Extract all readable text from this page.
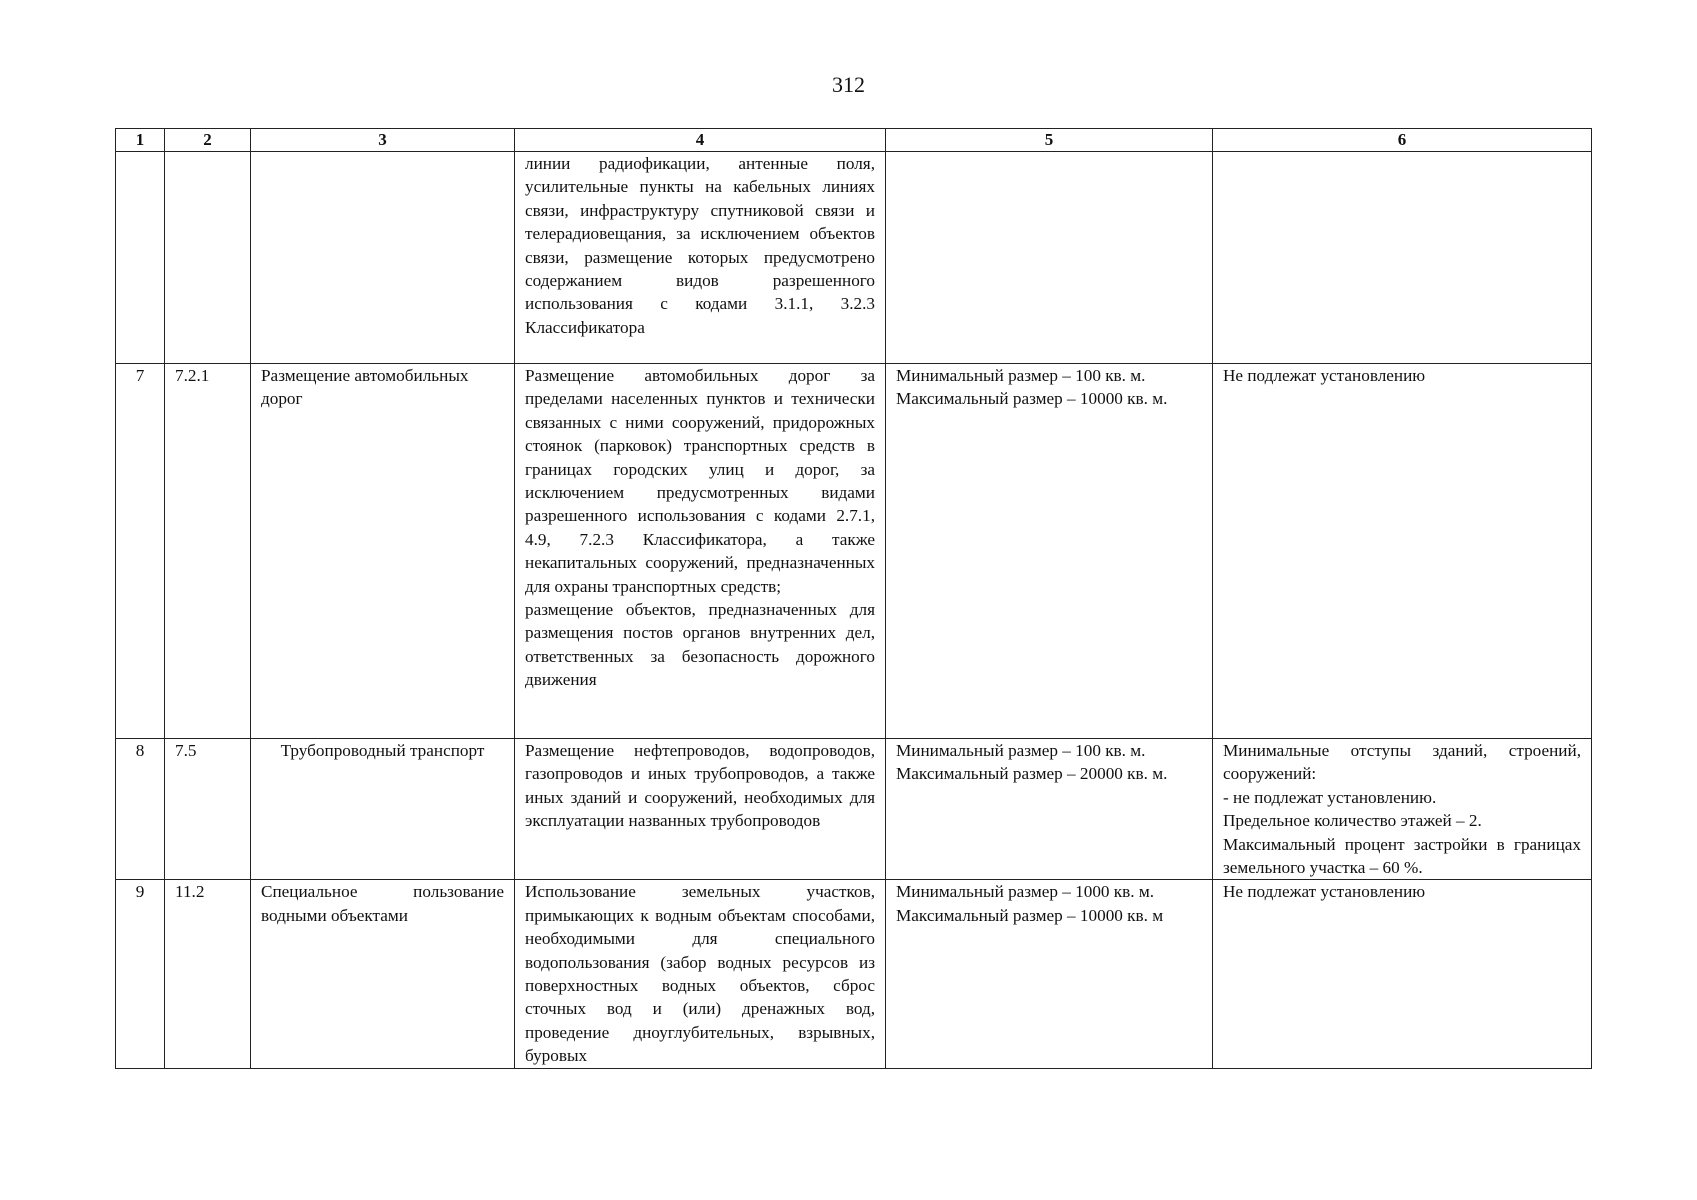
312
1	2	3	4	5	6

			линии радиофикации, антенные поля, усилительные пункты на кабельных линиях связи, инфраструктуру спутниковой связи и телерадиовещания, за исключением объектов связи, размещение которых предусмотрено содержанием видов разрешенного использования с кодами 3.1.1, 3.2.3 Классификатора		

7	7.2.1	Размещение автомобильных дорог	Размещение автомобильных дорог за пределами населенных пунктов и технически связанных с ними сооружений, придорожных стоянок (парковок) транспортных средств в границах городских улиц и дорог, за исключением предусмотренных видами разрешенного использования с кодами 2.7.1, 4.9, 7.2.3 Классификатора, а также некапитальных сооружений, предназначенных для охраны транспортных средств;
размещение объектов, предназначенных для размещения постов органов внутренних дел, ответственных за безопасность дорожного движения	Минимальный размер – 100 кв. м.
Максимальный размер – 10000 кв. м.	Не подлежат установлению

8	7.5	Трубопроводный транспорт	Размещение нефтепроводов, водопроводов, газопроводов и иных трубопроводов, а также иных зданий и сооружений, необходимых для эксплуатации названных трубопроводов	Минимальный размер – 100 кв. м.
Максимальный размер – 20000 кв. м.	Минимальные отступы зданий, строений, сооружений:
- не подлежат установлению.
Предельное количество этажей – 2.
Максимальный процент застройки в границах земельного участка – 60 %.

9	11.2	Специальное пользование водными объектами	Использование земельных участков, примыкающих к водным объектам способами, необходимыми для специального водопользования (забор водных ресурсов из поверхностных водных объектов, сброс сточных вод и (или) дренажных вод, проведение дноуглубительных, взрывных, буровых	Минимальный размер – 1000 кв. м.
Максимальный размер – 10000 кв. м	Не подлежат установлению
